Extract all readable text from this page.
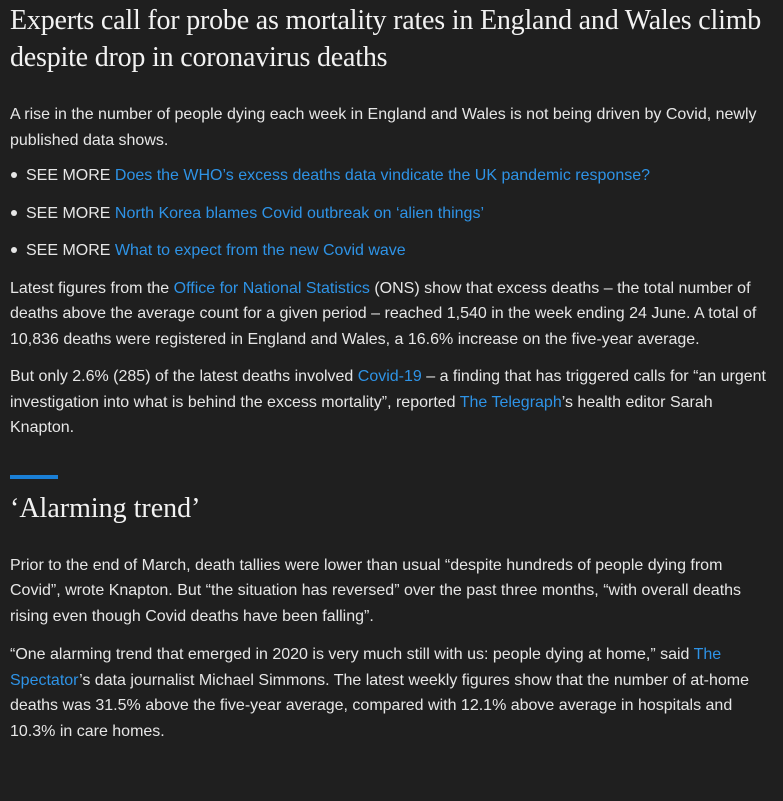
Experts call for probe as mortality rates in England and Wales climb despite drop in coronavirus deaths

A rise in the number of people dying each week in England and Wales is not being driven by Covid, newly published data shows.

SEE MORE Does the WHO’s excess deaths data vindicate the UK pandemic response?
SEE MORE North Korea blames Covid outbreak on ‘alien things’
SEE MORE What to expect from the new Covid wave

Latest figures from the Office for National Statistics (ONS) show that excess deaths – the total number of deaths above the average count for a given period – reached 1,540 in the week ending 24 June. A total of 10,836 deaths were registered in England and Wales, a 16.6% increase on the five-year average.

But only 2.6% (285) of the latest deaths involved Covid-19 – a finding that has triggered calls for “an urgent investigation into what is behind the excess mortality”, reported The Telegraph’s health editor Sarah Knapton.

‘Alarming trend’

Prior to the end of March, death tallies were lower than usual “despite hundreds of people dying from Covid”, wrote Knapton. But “the situation has reversed” over the past three months, “with overall deaths rising even though Covid deaths have been falling”.

“One alarming trend that emerged in 2020 is very much still with us: people dying at home,” said The Spectator’s data journalist Michael Simmons. The latest weekly figures show that the number of at-home deaths was 31.5% above the five-year average, compared with 12.1% above average in hospitals and 10.3% in care homes.
